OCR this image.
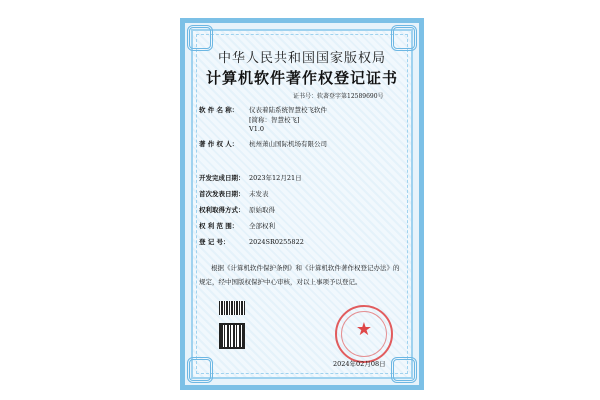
中华人民共和国国家版权局
计算机软件著作权登记证书
证书号：软著登字第12589690号
软 件 名 称： 仪表着陆系统智慧校飞软件
[简称：智慧校飞]
V1.0
著 作 权 人： 杭州萧山国际机场有限公司
开发完成日期： 2023年12月21日
首次发表日期： 未发表
权利取得方式： 原始取得
权 利 范 围： 全部权利
登 记 号：	2024SR0255822
根据《计算机软件保护条例》和《计算机软件著作权登记办法》的
规定，经中国版权保护中心审核，对以上事项予以登记。
★
2024年02月08日
